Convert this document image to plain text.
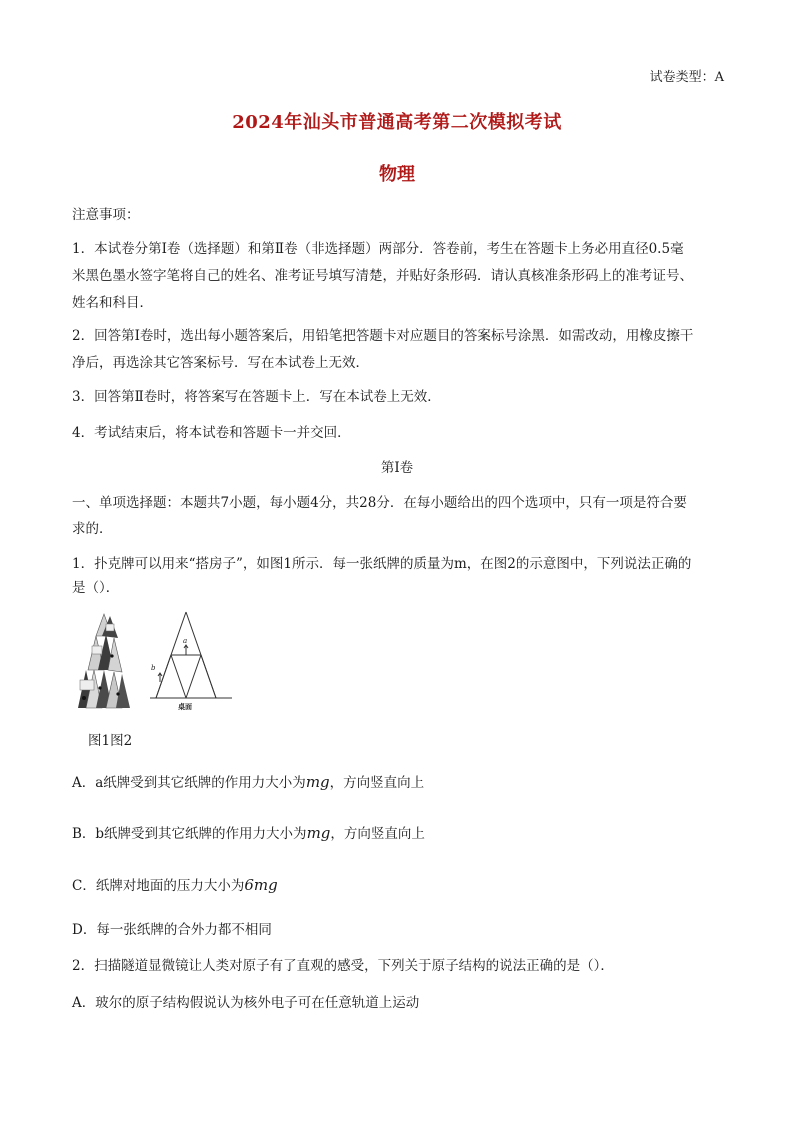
试卷类型：A
2024年汕头市普通高考第二次模拟考试
物理
注意事项：
1．本试卷分第Ⅰ卷（选择题）和第Ⅱ卷（非选择题）两部分．答卷前，考生在答题卡上务必用直径0.5毫
米黑色墨水签字笔将自己的姓名、准考证号填写清楚，并贴好条形码．请认真核准条形码上的准考证号、
姓名和科目．
2．回答第Ⅰ卷时，选出每小题答案后，用铅笔把答题卡对应题目的答案标号涂黑．如需改动，用橡皮擦干
净后，再选涂其它答案标号．写在本试卷上无效．
3．回答第Ⅱ卷时，将答案写在答题卡上．写在本试卷上无效．
4．考试结束后，将本试卷和答题卡一并交回．
第Ⅰ卷
一、单项选择题：本题共7小题，每小题4分，共28分．在每小题给出的四个选项中，只有一项是符合要
求的．
1．扑克牌可以用来“搭房子”，如图1所示．每一张纸牌的质量为m，在图2的示意图中，下列说法正确的
是（）．
a
b
桌面
图1图2
A．a纸牌受到其它纸牌的作用力大小为mg，方向竖直向上
B．b纸牌受到其它纸牌的作用力大小为mg，方向竖直向上
C．纸牌对地面的压力大小为6mg
D．每一张纸牌的合外力都不相同
2．扫描隧道显微镜让人类对原子有了直观的感受，下列关于原子结构的说法正确的是（）．
A．玻尔的原子结构假说认为核外电子可在任意轨道上运动
